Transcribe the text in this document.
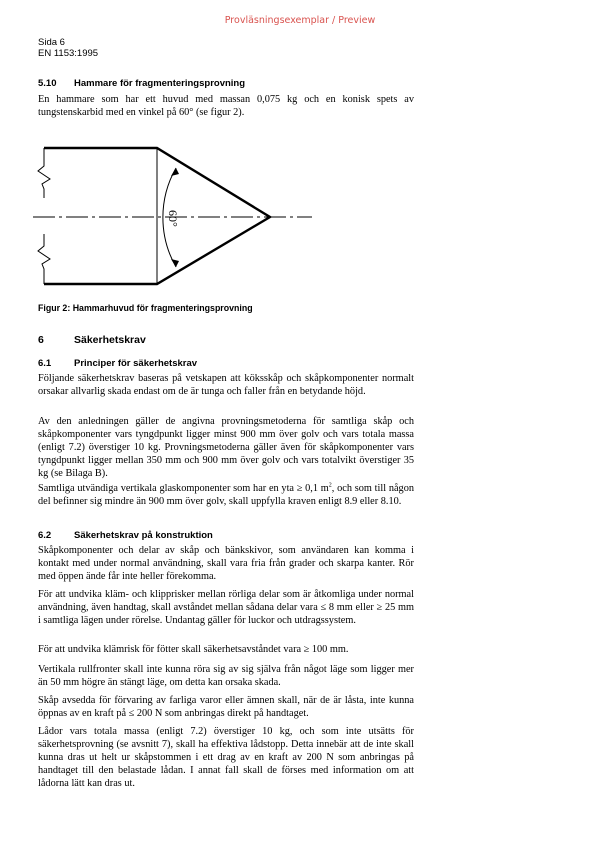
Provläsningsexemplar / Preview
Sida 6
EN 1153:1995
5.10 Hammare för fragmenteringsprovning
En hammare som har ett huvud med massan 0,075 kg och en konisk spets av tungstenskarbid med en vinkel på 60° (se figur 2).
60°
Figur 2: Hammarhuvud för fragmenteringsprovning
6	Säkerhetskrav
6.1 Principer för säkerhetskrav
Följande säkerhetskrav baseras på vetskapen att köksskåp och skåpkomponenter normalt orsakar allvarlig skada endast om de är tunga och faller från en betydande höjd.
Av den anledningen gäller de angivna provningsmetoderna för samtliga skåp och skåpkomponenter vars tyngdpunkt ligger minst 900 mm över golv och vars totala massa (enligt 7.2) överstiger 10 kg. Provningsmetoderna gäller även för skåpkomponenter vars tyngdpunkt ligger mellan 350 mm och 900 mm över golv och vars totalvikt överstiger 35 kg (se Bilaga B).
Samtliga utvändiga vertikala glaskomponenter som har en yta ≥ 0,1 $m^2$, och som till någon del befinner sig mindre än 900 mm över golv, skall uppfylla kraven enligt 8.9 eller 8.10.
6.2 Säkerhetskrav på konstruktion
Skåpkomponenter och delar av skåp och bänkskivor, som användaren kan komma i kontakt med under normal användning, skall vara fria från grader och skarpa kanter. Rör med öppen ände får inte heller förekomma.
För att undvika kläm- och klipprisker mellan rörliga delar som är åtkomliga under normal användning, även handtag, skall avståndet mellan sådana delar vara ≤ 8 mm eller ≥ 25 mm i samtliga lägen under rörelse. Undantag gäller för luckor och utdragssystem.
För att undvika klämrisk för fötter skall säkerhetsavståndet vara ≥ 100 mm.
Vertikala rullfronter skall inte kunna röra sig av sig själva från något läge som ligger mer än 50 mm högre än stängt läge, om detta kan orsaka skada.
Skåp avsedda för förvaring av farliga varor eller ämnen skall, när de är låsta, inte kunna öppnas av en kraft på ≤ 200 N som anbringas direkt på handtaget.
Lådor vars totala massa (enligt 7.2) överstiger 10 kg, och som inte utsätts för säkerhetsprovning (se avsnitt 7), skall ha effektiva lådstopp. Detta innebär att de inte skall kunna dras ut helt ur skåpstommen i ett drag av en kraft av 200 N som anbringas på handtaget till den belastade lådan. I annat fall skall de förses med information om att lådorna lätt kan dras ut.
